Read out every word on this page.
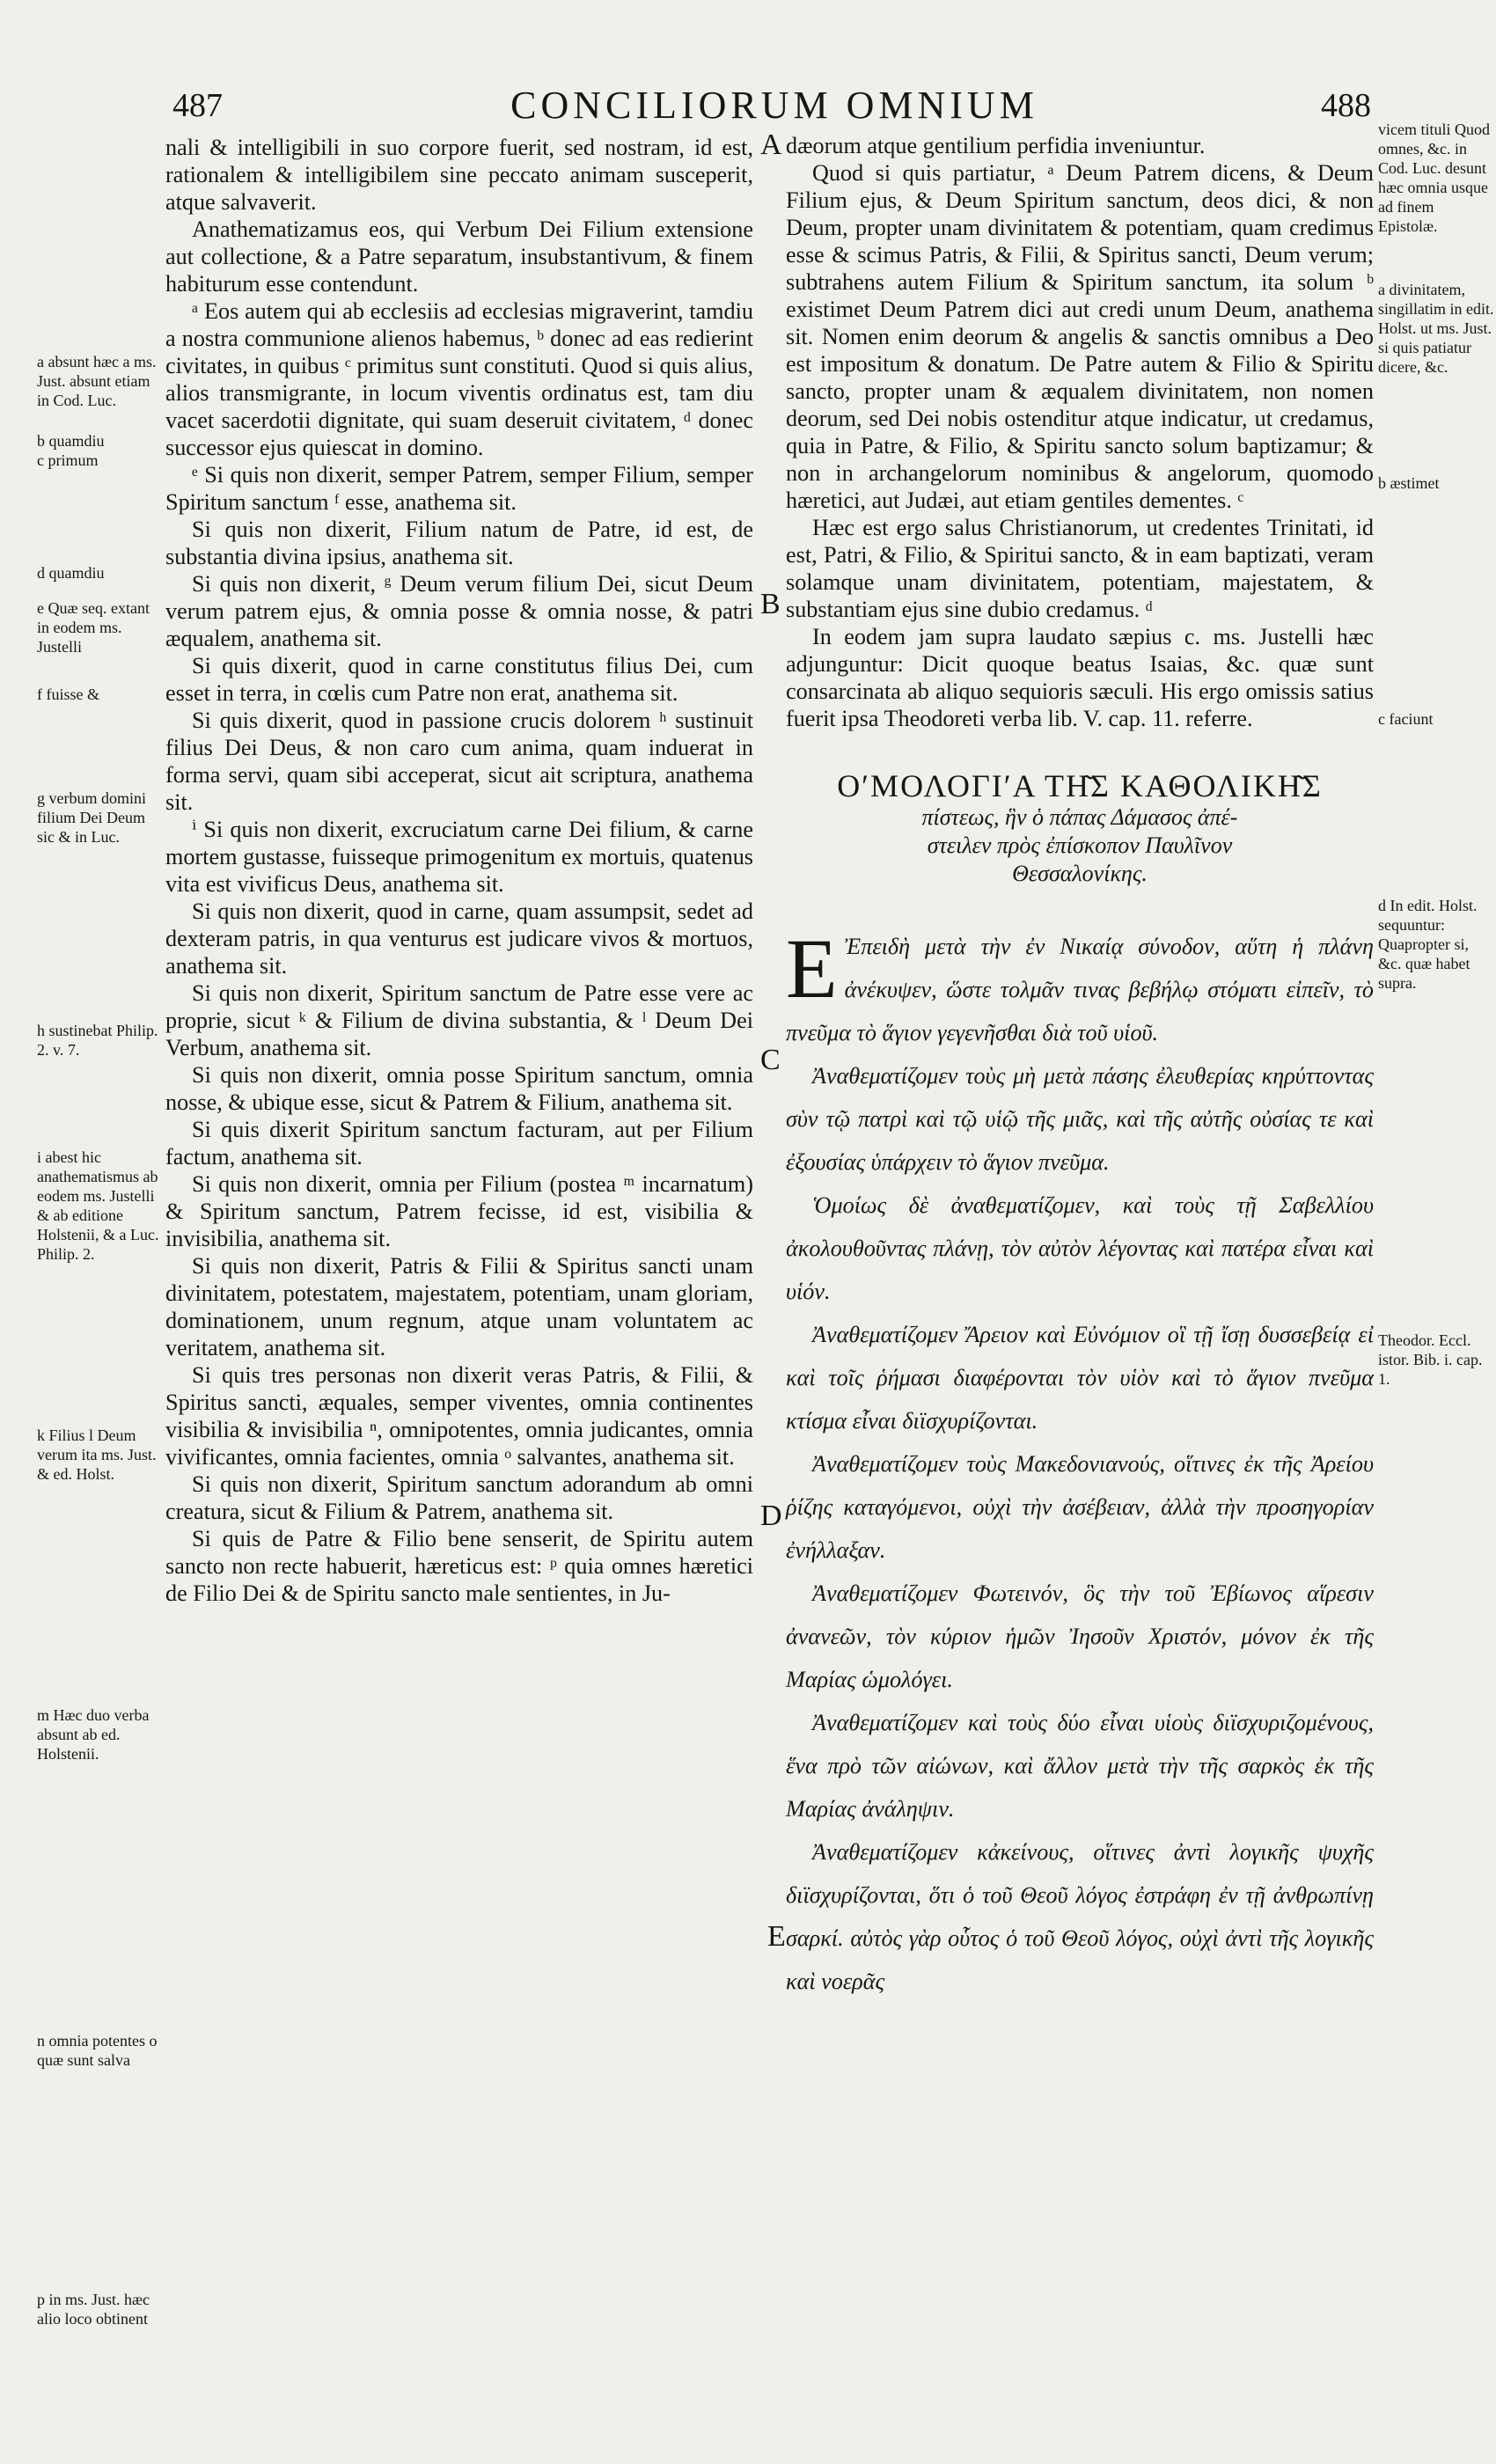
487	CONCILIORUM OMNIUM	488

nali & intelligibili in suo corpore fuerit, sed nostram, id est, rationalem & intelligibilem sine peccato animam susceperit, atque salvaverit.

Anathematizamus eos, qui Verbum Dei Filium extensione aut collectione, & a Patre separatum, insubstantivum, & finem habiturum esse contendunt.

ᵃ Eos autem qui ab ecclesiis ad ecclesias migraverint, tamdiu a nostra communione alienos habemus, ᵇ donec ad eas redierint civitates, in quibus ᶜ primitus sunt constituti. Quod si quis alius, alios transmigrante, in locum viventis ordinatus est, tam diu vacet sacerdotii dignitate, qui suam deseruit civitatem, ᵈ donec successor ejus quiescat in domino.

ᵉ Si quis non dixerit, semper Patrem, semper Filium, semper Spiritum sanctum ᶠ esse, anathema sit.

Si quis non dixerit, Filium natum de Patre, id est, de substantia divina ipsius, anathema sit.

Si quis non dixerit, ᵍ Deum verum filium Dei, sicut Deum verum patrem ejus, & omnia posse & omnia nosse, & patri æqualem, anathema sit.

Si quis dixerit, quod in carne constitutus filius Dei, cum esset in terra, in cœlis cum Patre non erat, anathema sit.

Si quis dixerit, quod in passione crucis dolorem ʰ sustinuit filius Dei Deus, & non caro cum anima, quam induerat in forma servi, quam sibi acceperat, sicut ait scriptura, anathema sit.

ⁱ Si quis non dixerit, excruciatum carne Dei filium, & carne mortem gustasse, fuisseque primogenitum ex mortuis, quatenus vita est vivificus Deus, anathema sit.

Si quis non dixerit, quod in carne, quam assumpsit, sedet ad dexteram patris, in qua venturus est judicare vivos & mortuos, anathema sit.

Si quis non dixerit, Spiritum sanctum de Patre esse vere ac proprie, sicut ᵏ & Filium de divina substantia, & ˡ Deum Dei Verbum, anathema sit.

Si quis non dixerit, omnia posse Spiritum sanctum, omnia nosse, & ubique esse, sicut & Patrem & Filium, anathema sit.

Si quis dixerit Spiritum sanctum facturam, aut per Filium factum, anathema sit.

Si quis non dixerit, omnia per Filium (postea ᵐ incarnatum) & Spiritum sanctum, Patrem fecisse, id est, visibilia & invisibilia, anathema sit.

Si quis non dixerit, Patris & Filii & Spiritus sancti unam divinitatem, potestatem, majestatem, potentiam, unam gloriam, dominationem, unum regnum, atque unam voluntatem ac veritatem, anathema sit.

Si quis tres personas non dixerit veras Patris, & Filii, & Spiritus sancti, æquales, semper viventes, omnia continentes visibilia & invisibilia ⁿ, omnipotentes, omnia judicantes, omnia vivificantes, omnia facientes, omnia ᵒ salvantes, anathema sit.

Si quis non dixerit, Spiritum sanctum adorandum ab omni creatura, sicut & Filium & Patrem, anathema sit.

Si quis de Patre & Filio bene senserit, de Spiritu autem sancto non recte habuerit, hæreticus est: ᵖ quia omnes hæretici de Filio Dei & de Spiritu sancto male sentientes, in Ju-

dæorum atque gentilium perfidia inveniuntur.

Quod si quis partiatur, ᵃ Deum Patrem dicens, & Deum Filium ejus, & Deum Spiritum sanctum, deos dici, & non Deum, propter unam divinitatem & potentiam, quam credimus esse & scimus Patris, & Filii, & Spiritus sancti, Deum verum; subtrahens autem Filium & Spiritum sanctum, ita solum ᵇ existimet Deum Patrem dici aut credi unum Deum, anathema sit. Nomen enim deorum & angelis & sanctis omnibus a Deo est impositum & donatum. De Patre autem & Filio & Spiritu sancto, propter unam & æqualem divinitatem, non nomen deorum, sed Dei nobis ostenditur atque indicatur, ut credamus, quia in Patre, & Filio, & Spiritu sancto solum baptizamur; & non in archangelorum nominibus & angelorum, quomodo hæretici, aut Judæi, aut etiam gentiles dementes. ᶜ

Hæc est ergo salus Christianorum, ut credentes Trinitati, id est, Patri, & Filio, & Spiritui sancto, & in eam baptizati, veram solamque unam divinitatem, potentiam, majestatem, & substantiam ejus sine dubio credamus. ᵈ

In eodem jam supra laudato sæpius c. ms. Justelli hæc adjunguntur: Dicit quoque beatus Isaias, &c. quæ sunt consarcinata ab aliquo sequioris sæculi. His ergo omissis satius fuerit ipsa Theodoreti verba lib. V. cap. 11. referre.

ΟʹΜΟΛΟΓΙʹΑ ΤΗ͂Σ ΚΑΘΟΛΙΚΗ͂Σ
πίστεως, ἣν ὁ πάπας Δάμασος ἀπέ-
στειλεν πρὸς ἐπίσκοπον Παυλῖνον
Θεσσαλονίκης.
E Ἐπειδὴ μετὰ τὴν ἐν Νικαίᾳ σύνοδον, αὕτη ἡ πλάνη ἀνέκυψεν, ὥστε τολμᾶν τινας βεβήλῳ στόματι εἰπεῖν, τὸ πνεῦμα τὸ ἅγιον γεγενῆσθαι διὰ τοῦ υἱοῦ.

Ἀναθεματίζομεν τοὺς μὴ μετὰ πάσης ἐλευθερίας κηρύττοντας σὺν τῷ πατρὶ καὶ τῷ υἱῷ τῆς μιᾶς, καὶ τῆς αὐτῆς οὐσίας τε καὶ ἐξουσίας ὑπάρχειν τὸ ἅγιον πνεῦμα.

Ὁμοίως δὲ ἀναθεματίζομεν, καὶ τοὺς τῇ Σαβελλίου ἀκολουθοῦντας πλάνῃ, τὸν αὐτὸν λέγοντας καὶ πατέρα εἶναι καὶ υἱόν.

Ἀναθεματίζομεν Ἄρειον καὶ Εὐνόμιον οἳ τῇ ἴσῃ δυσσεβείᾳ εἰ καὶ τοῖς ῥήμασι διαφέρονται τὸν υἱὸν καὶ τὸ ἅγιον πνεῦμα κτίσμα εἶναι διϊσχυρίζονται.

Ἀναθεματίζομεν τοὺς Μακεδονιανούς, οἵτινες ἐκ τῆς Ἀρείου ῥίζης καταγόμενοι, οὐχὶ τὴν ἀσέβειαν, ἀλλὰ τὴν προσηγορίαν ἐνήλλαξαν.

Ἀναθεματίζομεν Φωτεινόν, ὃς τὴν τοῦ Ἐβίωνος αἵρεσιν ἀνανεῶν, τὸν κύριον ἡμῶν Ἰησοῦν Χριστόν, μόνον ἐκ τῆς Μαρίας ὡμολόγει.

Ἀναθεματίζομεν καὶ τοὺς δύο εἶναι υἱοὺς διϊσχυριζομένους, ἕνα πρὸ τῶν αἰώνων, καὶ ἄλλον μετὰ τὴν τῆς σαρκὸς ἐκ τῆς Μαρίας ἀνάληψιν.

Ἀναθεματίζομεν κἀκείνους, οἵτινες ἀντὶ λογικῆς ψυχῆς διϊσχυρίζονται, ὅτι ὁ τοῦ Θεοῦ λόγος ἐστράφη ἐν τῇ ἀνθρωπίνῃ σαρκί. αὐτὸς γὰρ οὗτος ὁ τοῦ Θεοῦ λόγος, οὐχὶ ἀντὶ τῆς λογικῆς καὶ νοερᾶς

A
B
C
D
E
a absunt hæc a ms. Just. absunt etiam in Cod. Luc.
b quamdiu
c primum
d quamdiu
e Quæ seq. extant in eodem ms. Justelli
f fuisse &
g verbum domini filium Dei Deum sic & in Luc.
h sustinebat Philip. 2. v. 7.
i abest hic anathematismus ab eodem ms. Justelli & ab editione Holstenii, & a Luc. Philip. 2.
k Filius l Deum verum ita ms. Just. & ed. Holst.
m Hæc duo verba absunt ab ed. Holstenii.
n omnia potentes o quæ sunt salva
p in ms. Just. hæc alio loco obtinent
vicem tituli Quod omnes, &c. in Cod. Luc. desunt hæc omnia usque ad finem Epistolæ.
a divinitatem, singillatim in edit. Holst. ut ms. Just. si quis patiatur dicere, &c.
b æstimet
c faciunt
d In edit. Holst. sequuntur: Quapropter si, &c. quæ habet supra.
Theodor. Eccl. istor. Bib. i. cap. 1.
